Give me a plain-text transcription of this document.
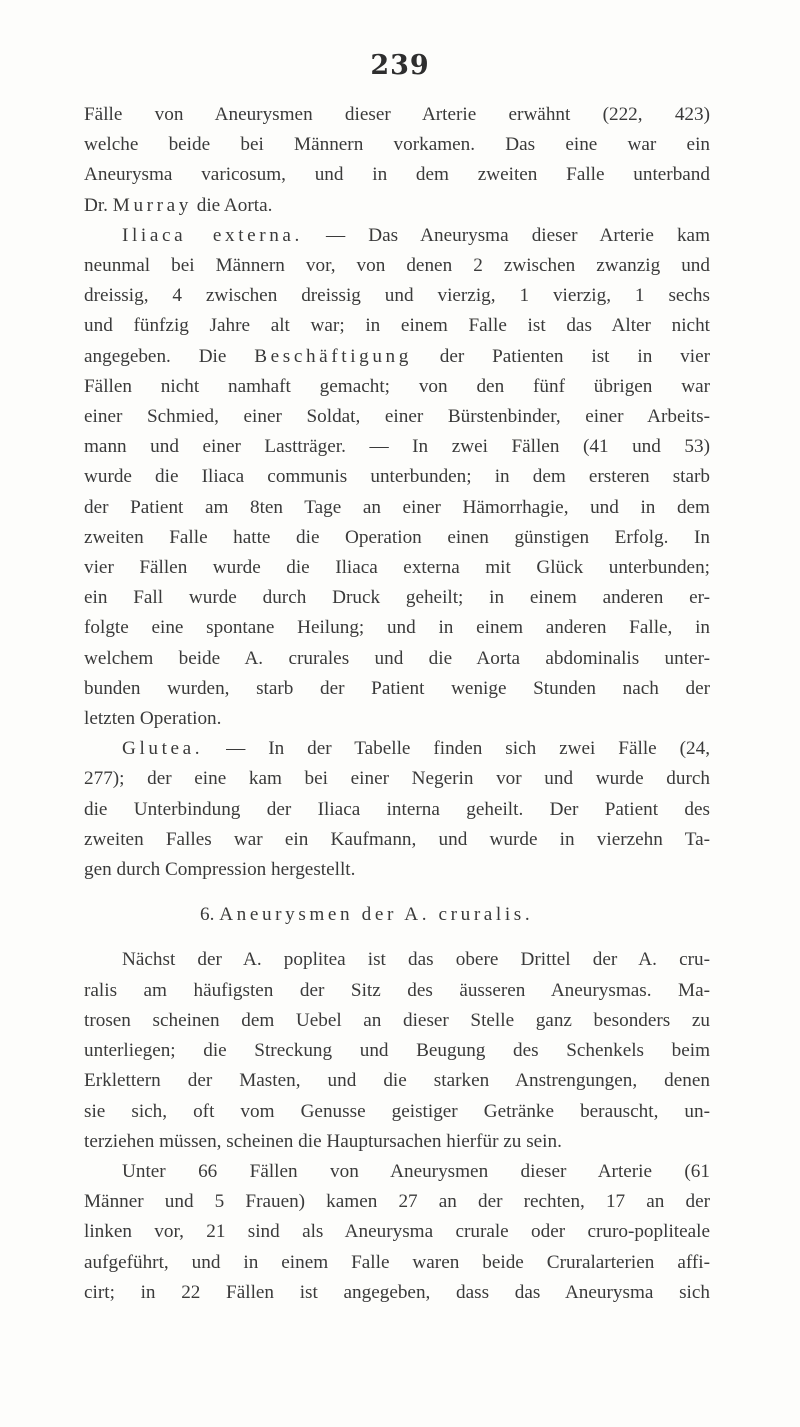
239
Fälle von Aneurysmen dieser Arterie erwähnt (222, 423)
welche beide bei Männern vorkamen. Das eine war ein
Aneurysma varicosum, und in dem zweiten Falle unterband
Dr. Murray die Aorta.
Iliaca externa. — Das Aneurysma dieser Arterie kam
neunmal bei Männern vor, von denen 2 zwischen zwanzig und
dreissig, 4 zwischen dreissig und vierzig, 1 vierzig, 1 sechs
und fünfzig Jahre alt war; in einem Falle ist das Alter nicht
angegeben. Die Beschäftigung der Patienten ist in vier
Fällen nicht namhaft gemacht; von den fünf übrigen war
einer Schmied, einer Soldat, einer Bürstenbinder, einer Arbeits-
mann und einer Lastträger. — In zwei Fällen (41 und 53)
wurde die Iliaca communis unterbunden; in dem ersteren starb
der Patient am 8ten Tage an einer Hämorrhagie, und in dem
zweiten Falle hatte die Operation einen günstigen Erfolg. In
vier Fällen wurde die Iliaca externa mit Glück unterbunden;
ein Fall wurde durch Druck geheilt; in einem anderen er-
folgte eine spontane Heilung; und in einem anderen Falle, in
welchem beide A. crurales und die Aorta abdominalis unter-
bunden wurden, starb der Patient wenige Stunden nach der
letzten Operation.
Glutea. — In der Tabelle finden sich zwei Fälle (24,
277); der eine kam bei einer Negerin vor und wurde durch
die Unterbindung der Iliaca interna geheilt. Der Patient des
zweiten Falles war ein Kaufmann, und wurde in vierzehn Ta-
gen durch Compression hergestellt.
6. Aneurysmen der A. cruralis.
Nächst der A. poplitea ist das obere Drittel der A. cru-
ralis am häufigsten der Sitz des äusseren Aneurysmas. Ma-
trosen scheinen dem Uebel an dieser Stelle ganz besonders zu
unterliegen; die Streckung und Beugung des Schenkels beim
Erklettern der Masten, und die starken Anstrengungen, denen
sie sich, oft vom Genusse geistiger Getränke berauscht, un-
terziehen müssen, scheinen die Hauptursachen hierfür zu sein.
Unter 66 Fällen von Aneurysmen dieser Arterie (61
Männer und 5 Frauen) kamen 27 an der rechten, 17 an der
linken vor, 21 sind als Aneurysma crurale oder cruro-popliteale
aufgeführt, und in einem Falle waren beide Cruralarterien affi-
cirt; in 22 Fällen ist angegeben, dass das Aneurysma sich
